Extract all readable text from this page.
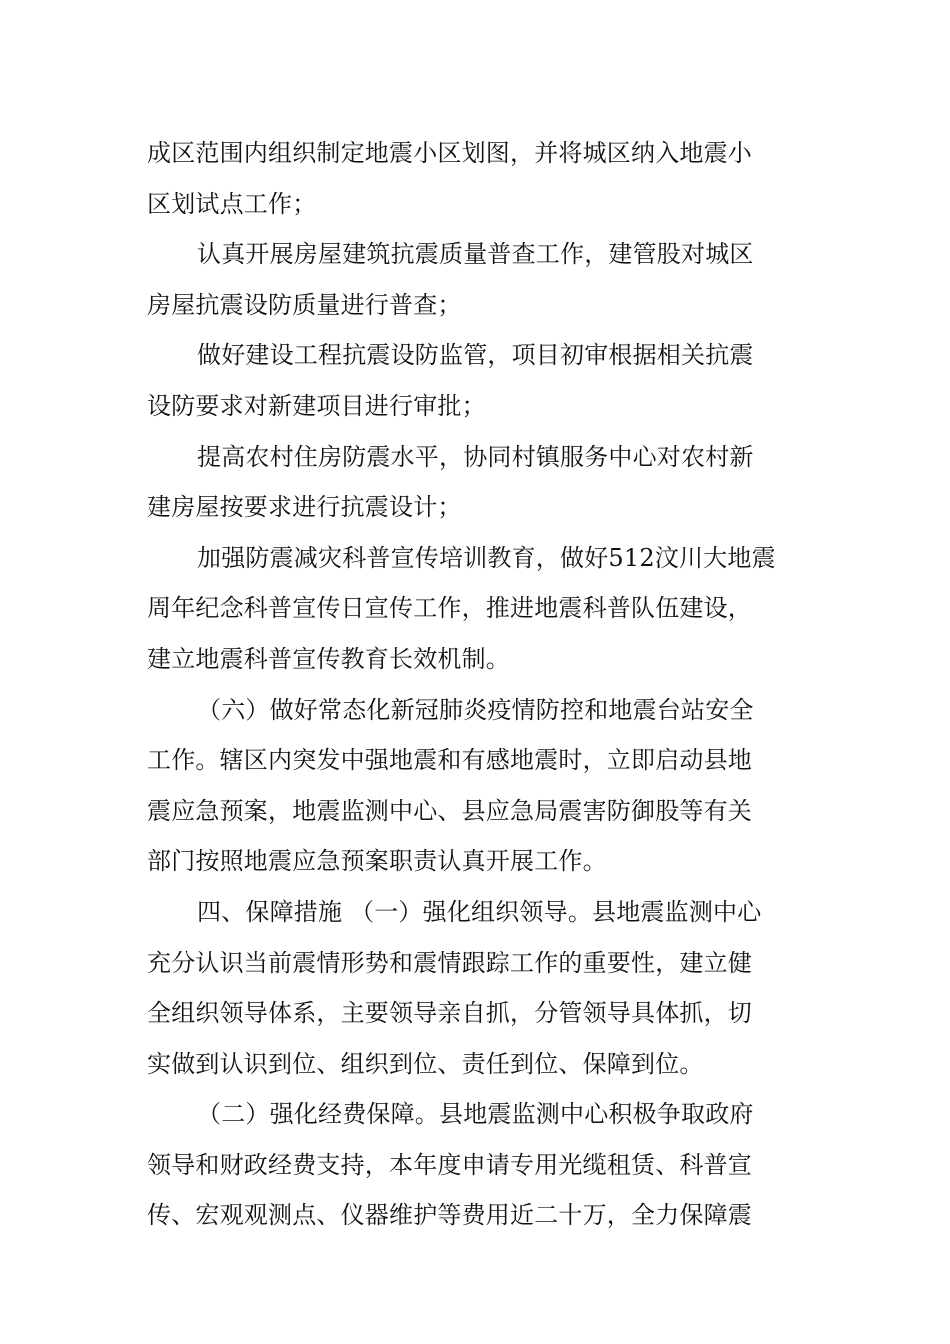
成区范围内组织制定地震小区划图，并将城区纳入地震小
区划试点工作；
认真开展房屋建筑抗震质量普查工作，建管股对城区
房屋抗震设防质量进行普查；
做好建设工程抗震设防监管，项目初审根据相关抗震
设防要求对新建项目进行审批；
提高农村住房防震水平，协同村镇服务中心对农村新
建房屋按要求进行抗震设计；
加强防震减灾科普宣传培训教育，做好512汶川大地震
周年纪念科普宣传日宣传工作，推进地震科普队伍建设，
建立地震科普宣传教育长效机制。
（六）做好常态化新冠肺炎疫情防控和地震台站安全
工作。辖区内突发中强地震和有感地震时，立即启动县地
震应急预案，地震监测中心、县应急局震害防御股等有关
部门按照地震应急预案职责认真开展工作。
四、保障措施 （一）强化组织领导。县地震监测中心
充分认识当前震情形势和震情跟踪工作的重要性，建立健
全组织领导体系，主要领导亲自抓，分管领导具体抓，切
实做到认识到位、组织到位、责任到位、保障到位。
（二）强化经费保障。县地震监测中心积极争取政府
领导和财政经费支持，本年度申请专用光缆租赁、科普宣
传、宏观观测点、仪器维护等费用近二十万，全力保障震
